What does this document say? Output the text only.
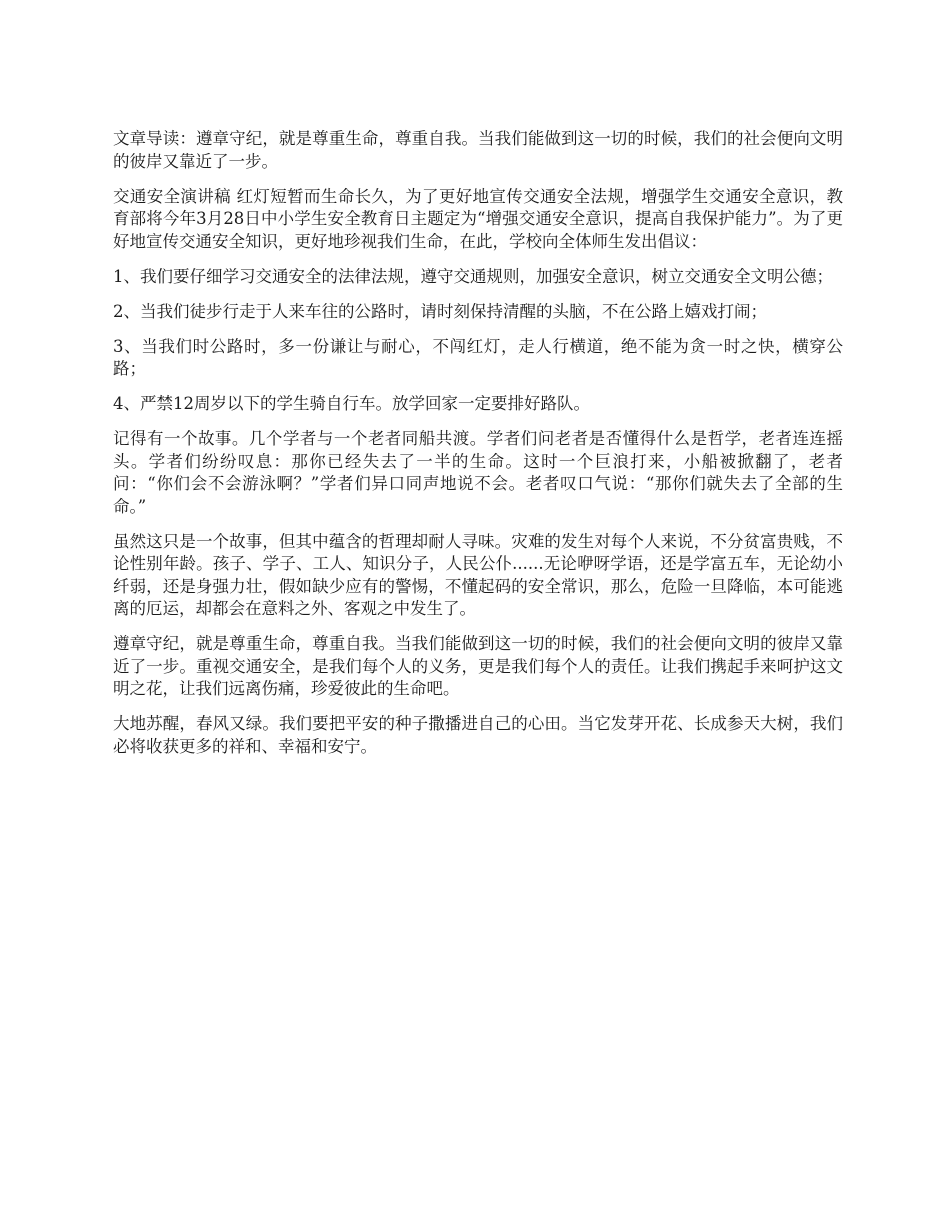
文章导读：遵章守纪，就是尊重生命，尊重自我。当我们能做到这一切的时候，我们的社会便向文明的彼岸又靠近了一步。

交通安全演讲稿 红灯短暂而生命长久，为了更好地宣传交通安全法规，增强学生交通安全意识，教育部将今年3月28日中小学生安全教育日主题定为“增强交通安全意识，提高自我保护能力”。为了更好地宣传交通安全知识，更好地珍视我们生命，在此，学校向全体师生发出倡议：

1、我们要仔细学习交通安全的法律法规，遵守交通规则，加强安全意识，树立交通安全文明公德；

2、当我们徒步行走于人来车往的公路时，请时刻保持清醒的头脑，不在公路上嬉戏打闹；

3、当我们时公路时，多一份谦让与耐心，不闯红灯，走人行横道，绝不能为贪一时之快，横穿公路；

4、严禁12周岁以下的学生骑自行车。放学回家一定要排好路队。

记得有一个故事。几个学者与一个老者同船共渡。学者们问老者是否懂得什么是哲学，老者连连摇头。学者们纷纷叹息：那你已经失去了一半的生命。这时一个巨浪打来，小船被掀翻了，老者问：“你们会不会游泳啊？”学者们异口同声地说不会。老者叹口气说：“那你们就失去了全部的生命。”

虽然这只是一个故事，但其中蕴含的哲理却耐人寻味。灾难的发生对每个人来说，不分贫富贵贱，不论性别年龄。孩子、学子、工人、知识分子，人民公仆......无论咿呀学语，还是学富五车，无论幼小纤弱，还是身强力壮，假如缺少应有的警惕，不懂起码的安全常识，那么，危险一旦降临，本可能逃离的厄运，却都会在意料之外、客观之中发生了。

遵章守纪，就是尊重生命，尊重自我。当我们能做到这一切的时候，我们的社会便向文明的彼岸又靠近了一步。重视交通安全，是我们每个人的义务，更是我们每个人的责任。让我们携起手来呵护这文明之花，让我们远离伤痛，珍爱彼此的生命吧。

大地苏醒，春风又绿。我们要把平安的种子撒播进自己的心田。当它发芽开花、长成参天大树，我们必将收获更多的祥和、幸福和安宁。
